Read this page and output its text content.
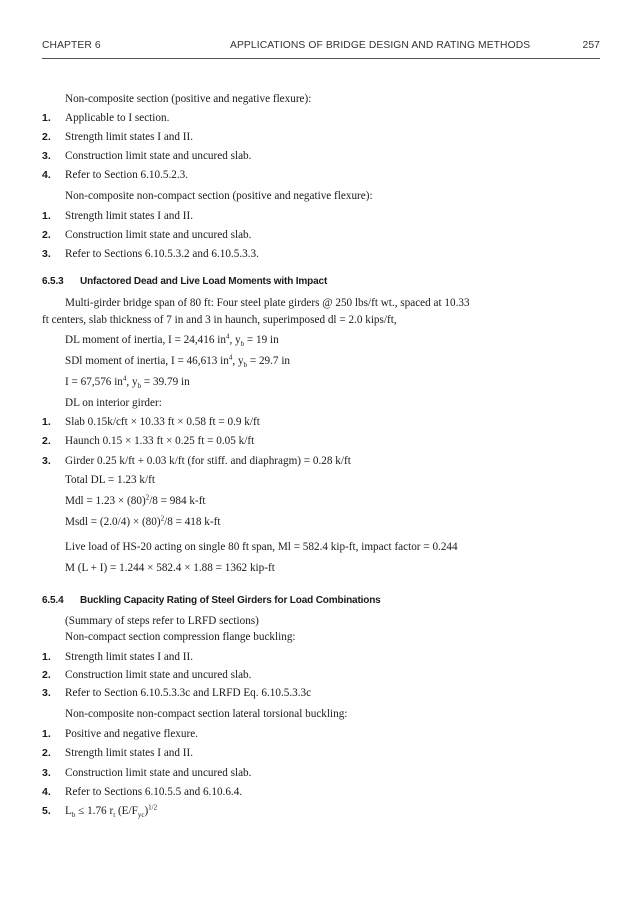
CHAPTER 6	APPLICATIONS OF BRIDGE DESIGN AND RATING METHODS	257
Non-composite section (positive and negative flexure):
1. Applicable to I section.
2. Strength limit states I and II.
3. Construction limit state and uncured slab.
4. Refer to Section 6.10.5.2.3.
Non-composite non-compact section (positive and negative flexure):
1. Strength limit states I and II.
2. Construction limit state and uncured slab.
3. Refer to Sections 6.10.5.3.2 and 6.10.5.3.3.
6.5.3 Unfactored Dead and Live Load Moments with Impact
Multi-girder bridge span of 80 ft: Four steel plate girders @ 250 lbs/ft wt., spaced at 10.33
ft centers, slab thickness of 7 in and 3 in haunch, superimposed dl = 2.0 kips/ft,
DL moment of inertia, I = 24,416 $in^4$, $y_b = 19$ in
SDl moment of inertia, I = 46,613 $in^4$, $y_b = 29.7$ in
I = 67,576 $in^4$, $y_b = 39.79$ in
DL on interior girder:
1. Slab 0.15k/cft × 10.33 ft × 0.58 ft = 0.9 k/ft
2. Haunch 0.15 × 1.33 ft × 0.25 ft = 0.05 k/ft
3. Girder 0.25 k/ft + 0.03 k/ft (for stiff. and diaphragm) = 0.28 k/ft
Total DL = 1.23 k/ft
Mdl = $1.23 \times (80)^2/8 = 984$ k-ft
Msdl = $(2.0/4) \times (80)^2/8 = 418$ k-ft
Live load of HS-20 acting on single 80 ft span, Ml = 582.4 kip-ft, impact factor = 0.244
M (L + I) = 1.244 × 582.4 × 1.88 = 1362 kip-ft
6.5.4 Buckling Capacity Rating of Steel Girders for Load Combinations
(Summary of steps refer to LRFD sections)
Non-compact section compression flange buckling:
1. Strength limit states I and II.
2. Construction limit state and uncured slab.
3. Refer to Section 6.10.5.3.3c and LRFD Eq. 6.10.5.3.3c
Non-composite non-compact section lateral torsional buckling:
1. Positive and negative flexure.
2. Strength limit states I and II.
3. Construction limit state and uncured slab.
4. Refer to Sections 6.10.5.5 and 6.10.6.4.
5. $L_b \le 1.76$ $r_t$ $(E/F_{yc})^{1/2}$
